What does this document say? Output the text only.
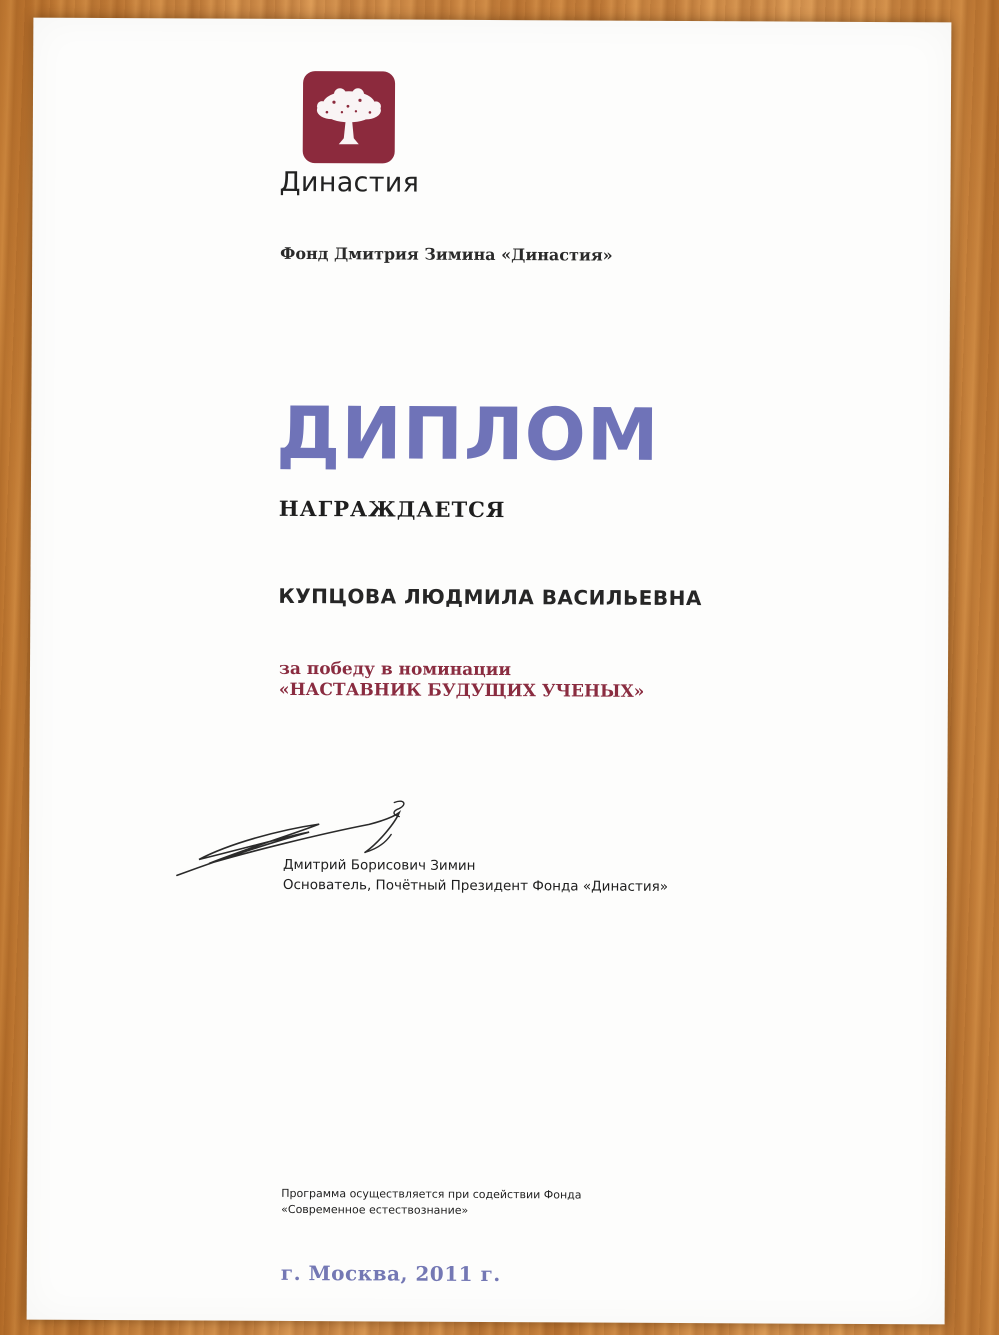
Династия
Фонд Дмитрия Зимина «Династия»
ДИПЛОМ
НАГРАЖДАЕТСЯ
КУПЦОВА ЛЮДМИЛА ВАСИЛЬЕВНА
за победу в номинации
«НАСТАВНИК БУДУЩИХ УЧЕНЫХ»
Дмитрий Борисович Зимин
Основатель, Почётный Президент Фонда «Династия»
Программа осуществляется при содействии Фонда
«Современное естествознание»
г. Москва, 2011 г.
